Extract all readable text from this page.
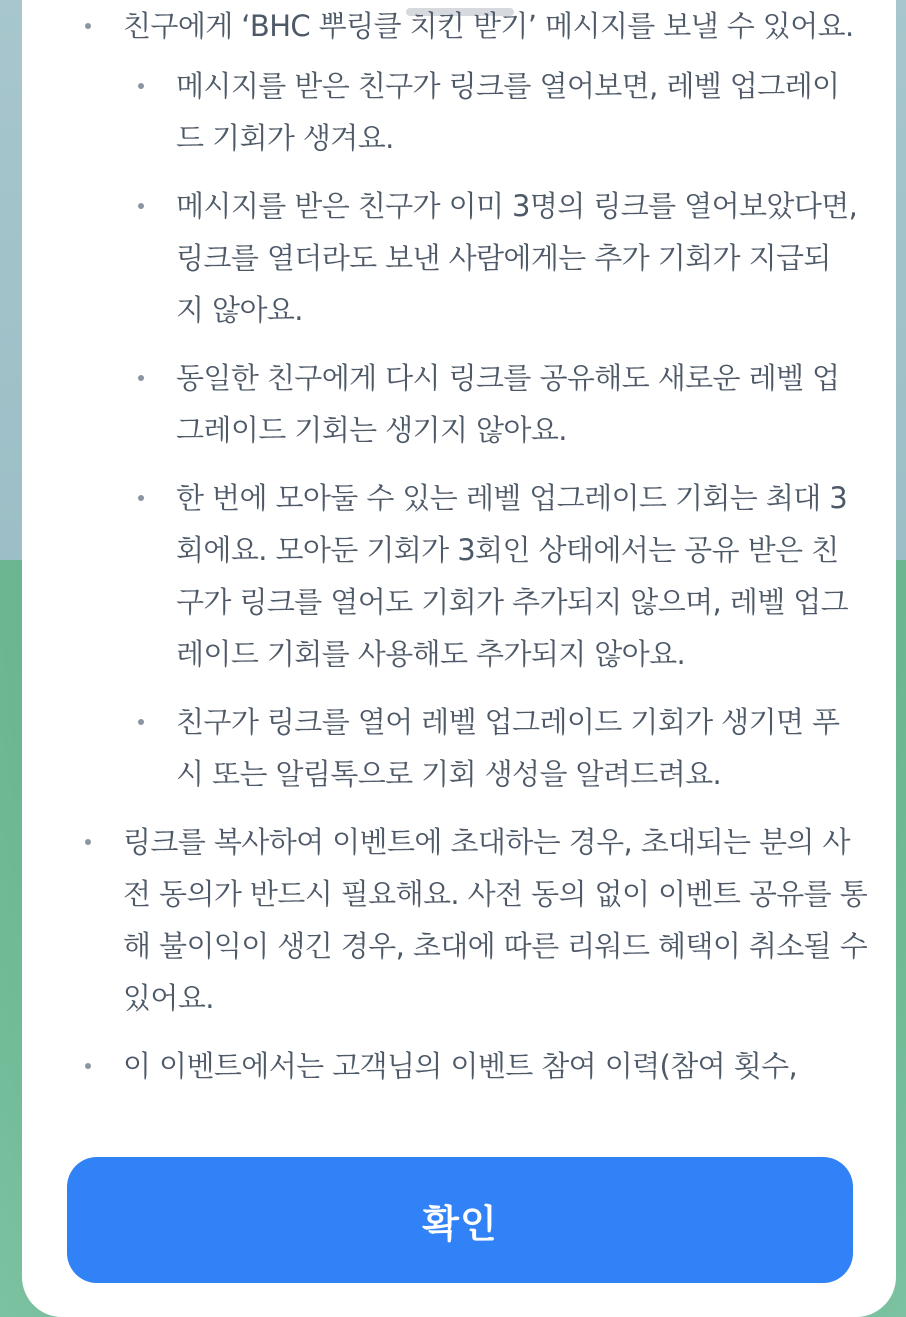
친구에게 ‘BHC 뿌링클 치킨 받기’ 메시지를 보낼 수 있어요.
메시지를 받은 친구가 링크를 열어보면, 레벨 업그레이드 기회가 생겨요.
메시지를 받은 친구가 이미 3명의 링크를 열어보았다면, 링크를 열더라도 보낸 사람에게는 추가 기회가 지급되지 않아요.
동일한 친구에게 다시 링크를 공유해도 새로운 레벨 업그레이드 기회는 생기지 않아요.
한 번에 모아둘 수 있는 레벨 업그레이드 기회는 최대 3회에요. 모아둔 기회가 3회인 상태에서는 공유 받은 친구가 링크를 열어도 기회가 추가되지 않으며, 레벨 업그레이드 기회를 사용해도 추가되지 않아요.
친구가 링크를 열어 레벨 업그레이드 기회가 생기면 푸시 또는 알림톡으로 기회 생성을 알려드려요.
링크를 복사하여 이벤트에 초대하는 경우, 초대되는 분의 사전 동의가 반드시 필요해요. 사전 동의 없이 이벤트 공유를 통해 불이익이 생긴 경우, 초대에 따른 리워드 혜택이 취소될 수 있어요.
이 이벤트에서는 고객님의 이벤트 참여 이력(참여 횟수,
확인
